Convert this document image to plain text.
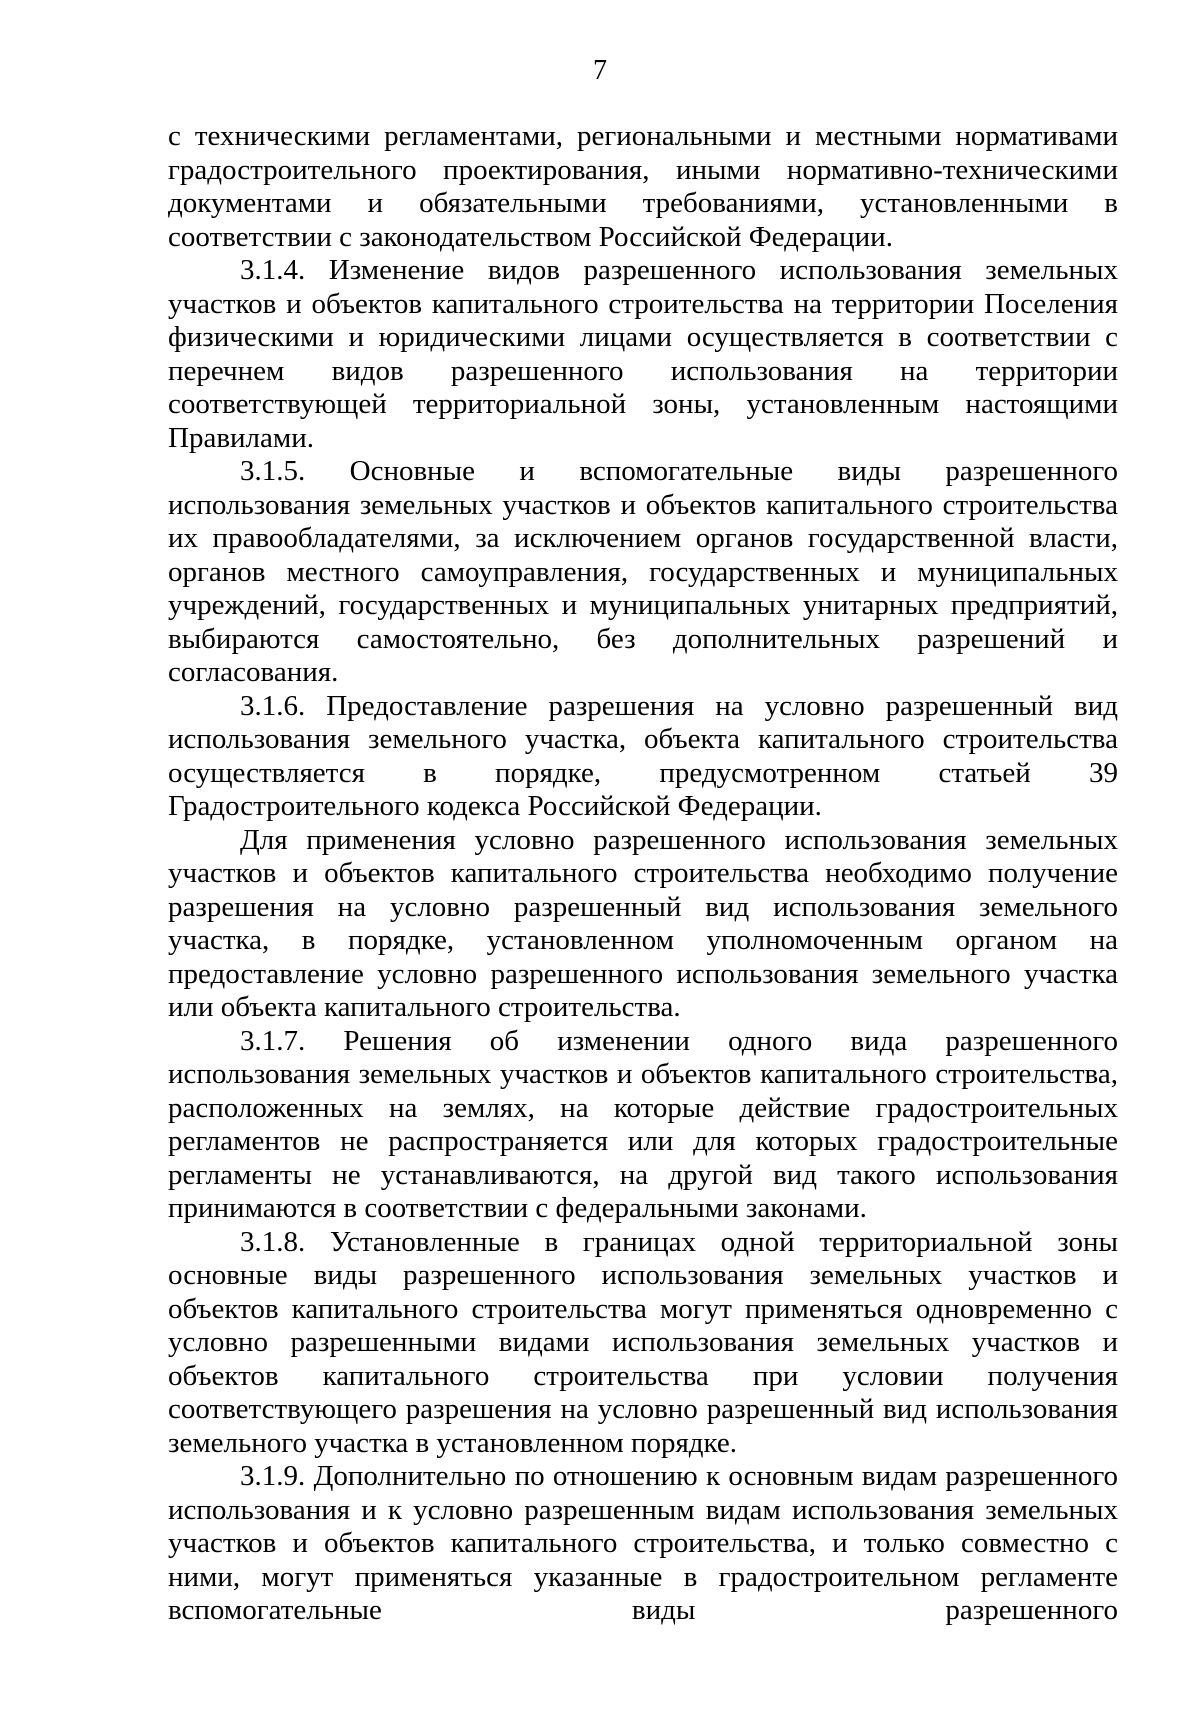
7

с техническими регламентами, региональными и местными нормативами градостроительного проектирования, иными нормативно-техническими документами и обязательными требованиями, установленными в соответствии с законодательством Российской Федерации.

3.1.4. Изменение видов разрешенного использования земельных участков и объектов капитального строительства на территории Поселения физическими и юридическими лицами осуществляется в соответствии с перечнем видов разрешенного использования на территории соответствующей территориальной зоны, установленным настоящими Правилами.

3.1.5. Основные и вспомогательные виды разрешенного использования земельных участков и объектов капитального строительства их правообладателями, за исключением органов государственной власти, органов местного самоуправления, государственных и муниципальных учреждений, государственных и муниципальных унитарных предприятий, выбираются самостоятельно, без дополнительных разрешений и согласования.

3.1.6. Предоставление разрешения на условно разрешенный вид использования земельного участка, объекта капитального строительства осуществляется в порядке, предусмотренном статьей 39 Градостроительного кодекса Российской Федерации.

Для применения условно разрешенного использования земельных участков и объектов капитального строительства необходимо получение разрешения на условно разрешенный вид использования земельного участка, в порядке, установленном уполномоченным органом на предоставление условно разрешенного использования земельного участка или объекта капитального строительства.

3.1.7. Решения об изменении одного вида разрешенного использования земельных участков и объектов капитального строительства, расположенных на землях, на которые действие градостроительных регламентов не распространяется или для которых градостроительные регламенты не устанавливаются, на другой вид такого использования принимаются в соответствии с федеральными законами.

3.1.8. Установленные в границах одной территориальной зоны основные виды разрешенного использования земельных участков и объектов капитального строительства могут применяться одновременно с условно разрешенными видами использования земельных участков и объектов капитального строительства при условии получения соответствующего разрешения на условно разрешенный вид использования земельного участка в установленном порядке.

3.1.9. Дополнительно по отношению к основным видам разрешенного использования и к условно разрешенным видам использования земельных участков и объектов капитального строительства, и только совместно с ними, могут применяться указанные в градостроительном регламенте вспомогательные виды разрешенного
